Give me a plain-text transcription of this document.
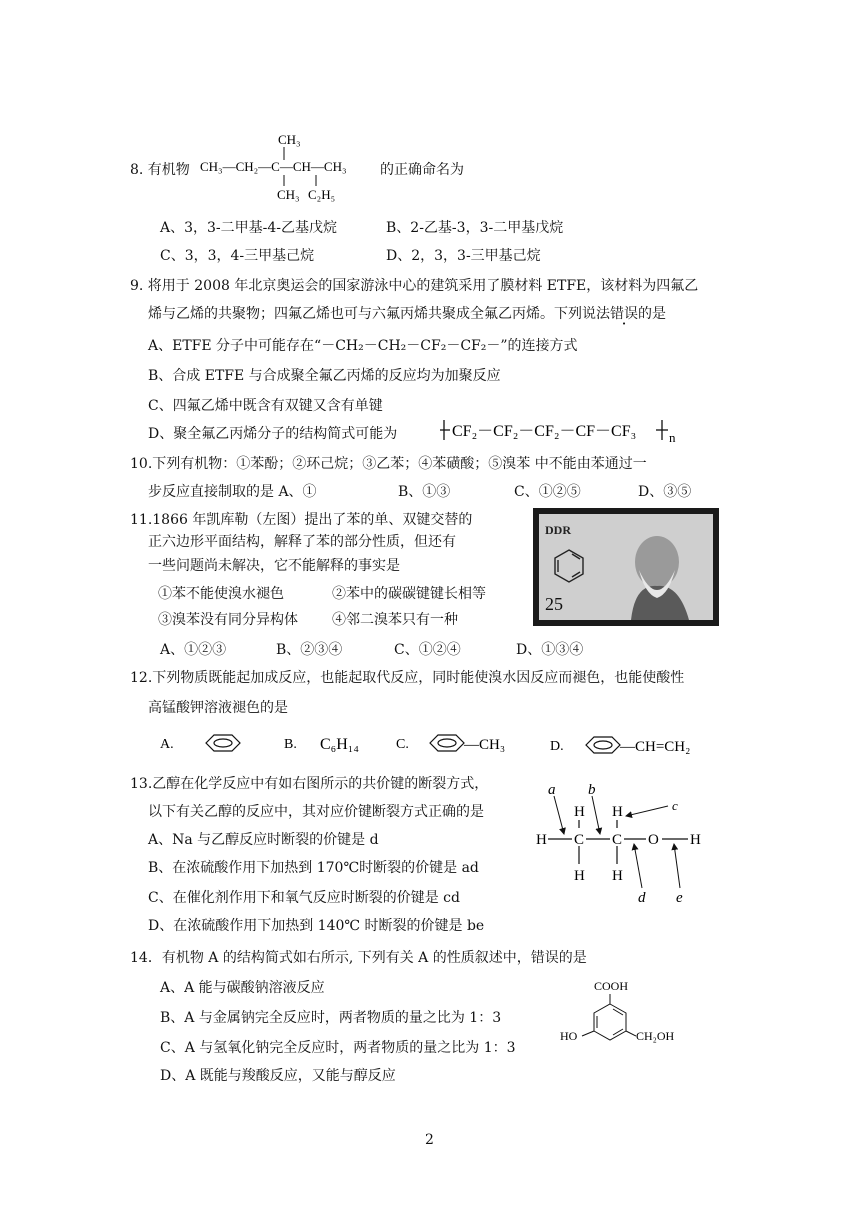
8. 有机物
CH₃
CH₃—CH₂—C—CH—CH₃
CH₃ C₂H₅
的正确命名为
A、3，3-二甲基-4-乙基戊烷	B、2-乙基-3，3-二甲基戊烷
C、3，3，4-三甲基己烷	D、2，3，3-三甲基己烷
9. 将用于 2008 年北京奥运会的国家游泳中心的建筑采用了膜材料 ETFE，该材料为四氟乙
烯与乙烯的共聚物；四氟乙烯也可与六氟丙烯共聚成全氟乙丙烯。下列说法错误的是
A、ETFE 分子中可能存在“－CH₂－CH₂－CF₂－CF₂－”的连接方式
B、合成 ETFE 与合成聚全氟乙丙烯的反应均为加聚反应
C、四氟乙烯中既含有双键又含有单键
D、聚全氟乙丙烯分子的结构简式可能为	CF₂－CF₂－CF₂－CF－CF₃	n
10.下列有机物：①苯酚；②环己烷；③乙苯；④苯磺酸；⑤溴苯 中不能由苯通过一
步反应直接制取的是 A、①	B、①③	C、①②⑤	D、③⑤
11.1866 年凯库勒（左图）提出了苯的单、双键交替的
正六边形平面结构，解释了苯的部分性质，但还有
一些问题尚未解决，它不能解释的事实是
①苯不能使溴水褪色	②苯中的碳碳键键长相等
③溴苯没有同分异构体 ④邻二溴苯只有一种
A、①②③	B、②③④	C、①②④	D、①③④
DDR
25
12.下列物质既能起加成反应，也能起取代反应，同时能使溴水因反应而褪色，也能使酸性
高锰酸钾溶液褪色的是
A.	B. C₆H₁₄	C.	—CH₃	D.	—CH=CH₂
13.乙醇在化学反应中有如右图所示的共价键的断裂方式，
以下有关乙醇的反应中，其对应价键断裂方式正确的是
A、Na 与乙醇反应时断裂的价键是 d
B、在浓硫酸作用下加热到 170℃时断裂的价键是 ad
C、在催化剂作用下和氧气反应时断裂的价键是 cd
D、在浓硫酸作用下加热到 140℃ 时断裂的价键是 be
a b
c
d e
H H
H C C O H
H H
14．有机物 A 的结构简式如右所示, 下列有关 A 的性质叙述中，错误的是
A、A 能与碳酸钠溶液反应
B、A 与金属钠完全反应时，两者物质的量之比为 1：3
C、A 与氢氧化钠完全反应时，两者物质的量之比为 1：3
D、A 既能与羧酸反应，又能与醇反应
COOH
HO	CH₂OH
2
